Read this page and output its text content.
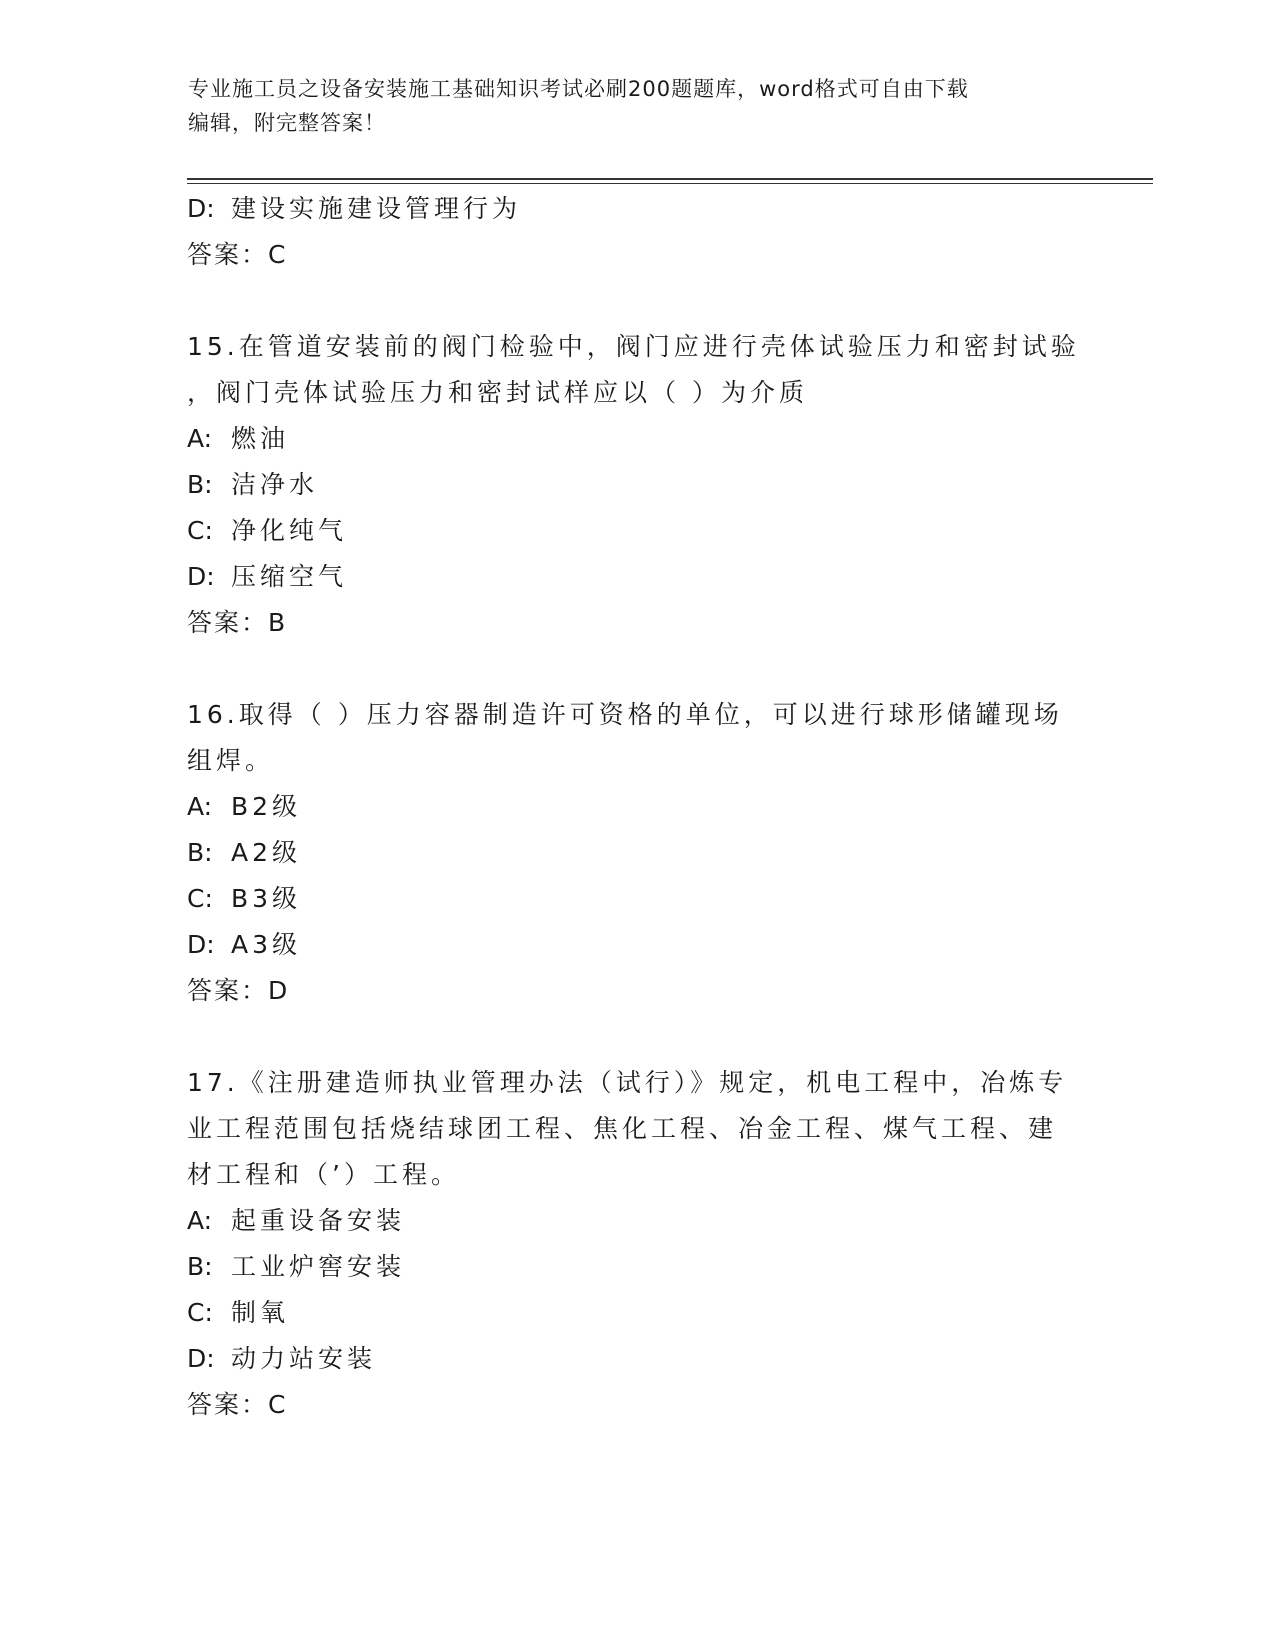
专业施工员之设备安装施工基础知识考试必刷200题题库，word格式可自由下载
编辑，附完整答案！
D: 建设实施建设管理行为
答案：C
15.在管道安装前的阀门检验中，阀门应进行壳体试验压力和密封试验
，阀门壳体试验压力和密封试样应以（ ）为介质
A: 燃油
B: 洁净水
C: 净化纯气
D: 压缩空气
答案：B
16.取得（ ）压力容器制造许可资格的单位，可以进行球形储罐现场
组焊。
A: B2级
B: A2级
C: B3级
D: A3级
答案：D
17.《注册建造师执业管理办法（试行）》规定，机电工程中，冶炼专
业工程范围包括烧结球团工程、焦化工程、冶金工程、煤气工程、建
材工程和（’）工程。
A: 起重设备安装
B: 工业炉窖安装
C: 制氧
D: 动力站安装
答案：C
